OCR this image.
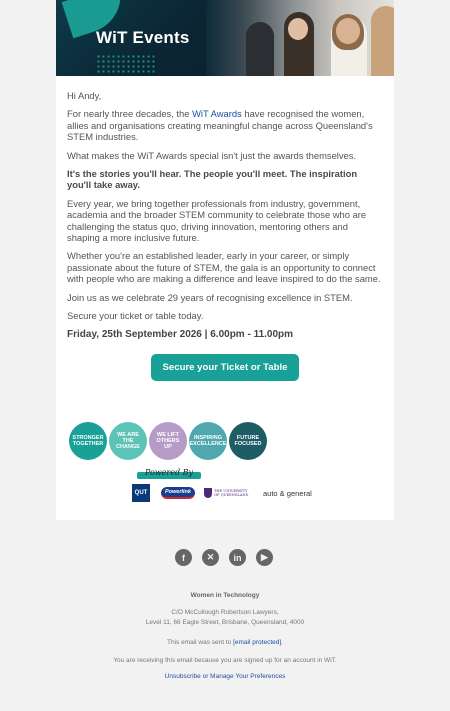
WiT Events

Hi Andy,

For nearly three decades, the WiT Awards have recognised the women, allies and organisations creating meaningful change across Queensland's STEM industries.

What makes the WiT Awards special isn't just the awards themselves.

It's the stories you'll hear. The people you'll meet. The inspiration you'll take away.

Every year, we bring together professionals from industry, government, academia and the broader STEM community to celebrate those who are challenging the status quo, driving innovation, mentoring others and shaping a more inclusive future.

Whether you're an established leader, early in your career, or simply passionate about the future of STEM, the gala is an opportunity to connect with people who are making a difference and leave inspired to do the same.

Join us as we celebrate 29 years of recognising excellence in STEM.

Secure your ticket or table today.

Friday, 25th September 2026 | 6.00pm - 11.00pm

Secure your Ticket or Table
STRONGER TOGETHER
WE ARE THE CHANGE
WE LIFT OTHERS UP
INSPIRING EXCELLENCE
FUTURE FOCUSED
Powered By
QUT	Powerlink	THE UNIVERSITY OF QUEENSLAND	auto & general
f	✕	in	▶
Women in Technology
C/O McCullough Robertson Lawyers,
Level 11, 66 Eagle Street, Brisbane, Queensland, 4000
This email was sent to [email protected].
You are receiving this email because you are signed up for an account in WiT.
Unsubscribe or Manage Your Preferences
